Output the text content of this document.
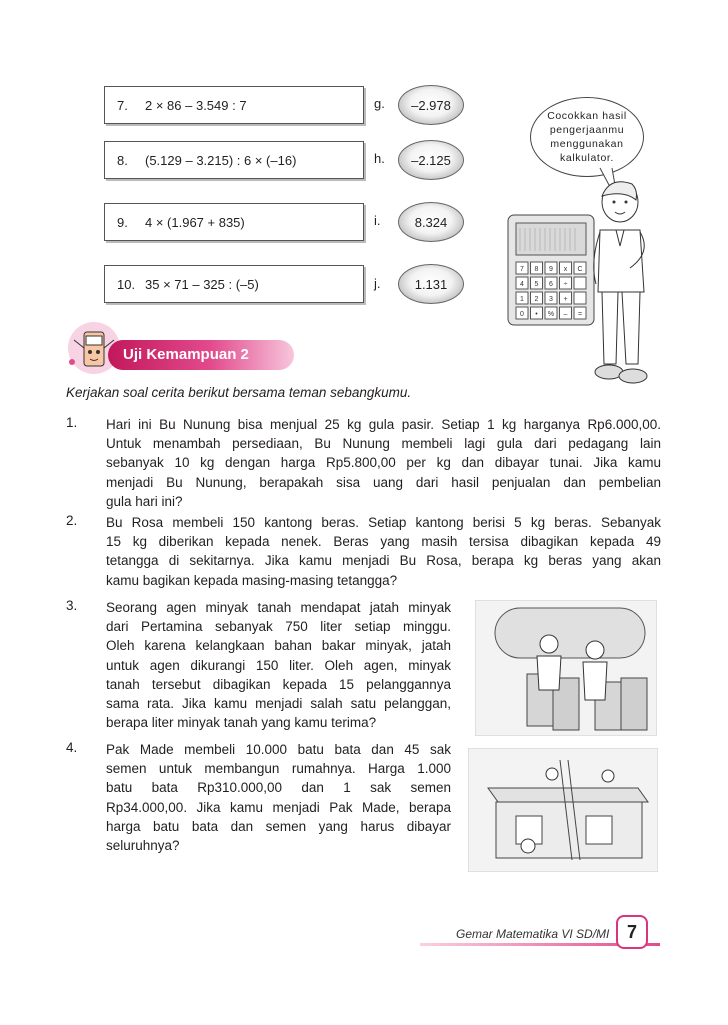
7.	2 × 86 – 3.549 : 7	g. –2.978
8.	(5.129 – 3.215) : 6 × (–16)	h. –2.125
9.	4 × (1.967 + 835)	i.	8.324
10. 35 × 71 – 325 : (–5)	j.	1.131
Cocokkan hasil
pengerjaanmu
menggunakan
kalkulator.
7 8 9 x C
4 5 6 ÷
1 2 3 +
0 • % – =
Uji Kemampuan 2
Kerjakan soal cerita berikut bersama teman sebangkumu.
1. Hari ini Bu Nunung bisa menjual 25 kg gula pasir. Setiap 1 kg harganya Rp6.000,00.
Untuk menambah persediaan, Bu Nunung membeli lagi gula dari pedagang lain
sebanyak 10 kg dengan harga Rp5.800,00 per kg dan dibayar tunai. Jika kamu
menjadi Bu Nunung, berapakah sisa uang dari hasil penjualan dan pembelian
gula hari ini?
2. Bu Rosa membeli 150 kantong beras. Setiap kantong berisi 5 kg beras. Sebanyak
15 kg diberikan kepada nenek. Beras yang masih tersisa dibagikan kepada 49
tetangga di sekitarnya. Jika kamu menjadi Bu Rosa, berapa kg beras yang akan
kamu bagikan kepada masing-masing tetangga?
3. Seorang agen minyak tanah mendapat jatah minyak
dari Pertamina sebanyak 750 liter setiap minggu.
Oleh karena kelangkaan bahan bakar minyak, jatah
untuk agen dikurangi 150 liter. Oleh agen, minyak
tanah tersebut dibagikan kepada 15 pelanggannya
sama rata. Jika kamu menjadi salah satu pelanggan,
berapa liter minyak tanah yang kamu terima?
4. Pak Made membeli 10.000 batu bata dan 45 sak
semen untuk membangun rumahnya. Harga 1.000
batu bata Rp310.000,00 dan 1 sak semen
Rp34.000,00. Jika kamu menjadi Pak Made, berapa
harga batu bata dan semen yang harus dibayar
seluruhnya?
Gemar Matematika VI SD/MI 7
